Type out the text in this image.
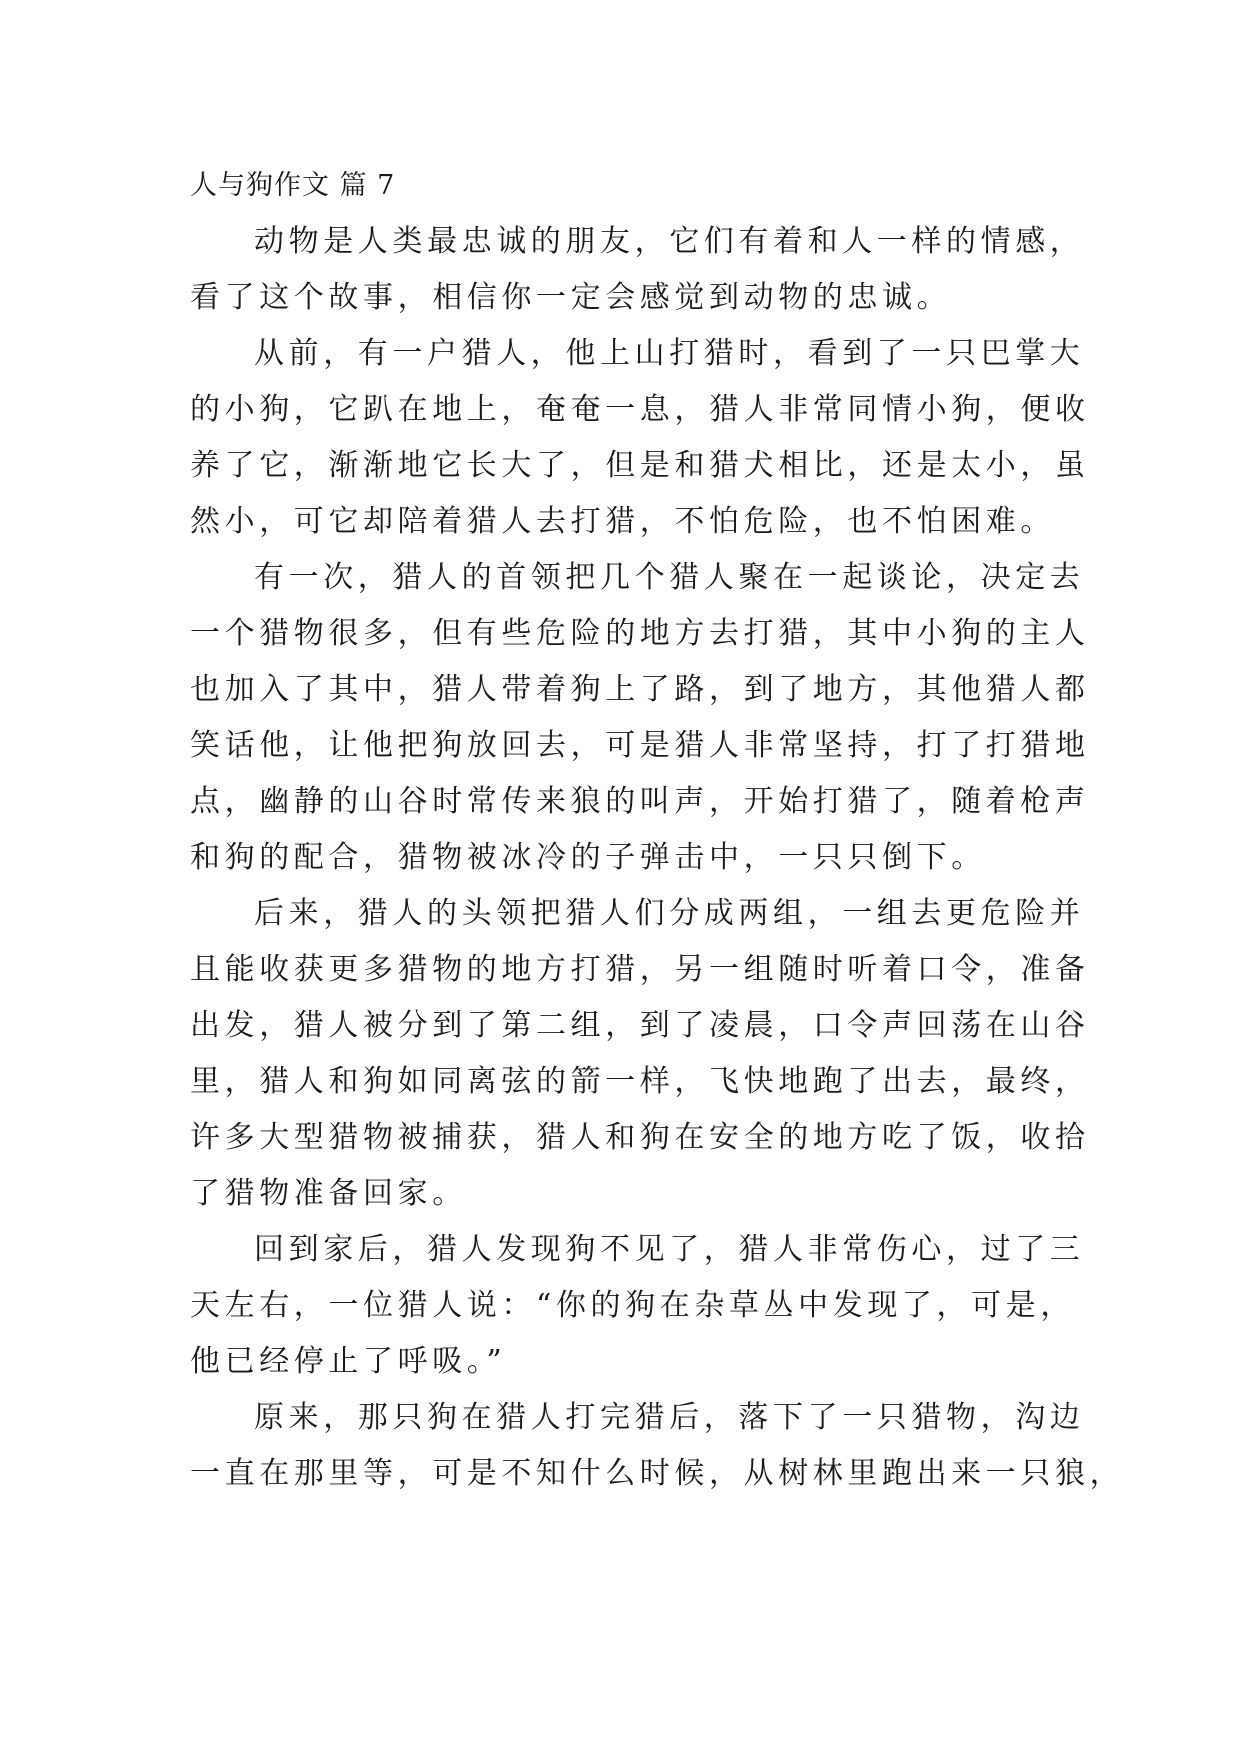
人与狗作文 篇 7
动物是人类最忠诚的朋友，它们有着和人一样的情感，
看了这个故事，相信你一定会感觉到动物的忠诚。
从前，有一户猎人，他上山打猎时，看到了一只巴掌大
的小狗，它趴在地上，奄奄一息，猎人非常同情小狗，便收
养了它，渐渐地它长大了，但是和猎犬相比，还是太小，虽
然小，可它却陪着猎人去打猎，不怕危险，也不怕困难。
有一次，猎人的首领把几个猎人聚在一起谈论，决定去
一个猎物很多，但有些危险的地方去打猎，其中小狗的主人
也加入了其中，猎人带着狗上了路，到了地方，其他猎人都
笑话他，让他把狗放回去，可是猎人非常坚持，打了打猎地
点，幽静的山谷时常传来狼的叫声，开始打猎了，随着枪声
和狗的配合，猎物被冰冷的子弹击中，一只只倒下。
后来，猎人的头领把猎人们分成两组，一组去更危险并
且能收获更多猎物的地方打猎，另一组随时听着口令，准备
出发，猎人被分到了第二组，到了凌晨，口令声回荡在山谷
里，猎人和狗如同离弦的箭一样，飞快地跑了出去，最终，
许多大型猎物被捕获，猎人和狗在安全的地方吃了饭，收拾
了猎物准备回家。
回到家后，猎人发现狗不见了，猎人非常伤心，过了三
天左右，一位猎人说：“你的狗在杂草丛中发现了，可是，
他已经停止了呼吸。”
原来，那只狗在猎人打完猎后，落下了一只猎物，沟边
一直在那里等，可是不知什么时候，从树林里跑出来一只狼，
